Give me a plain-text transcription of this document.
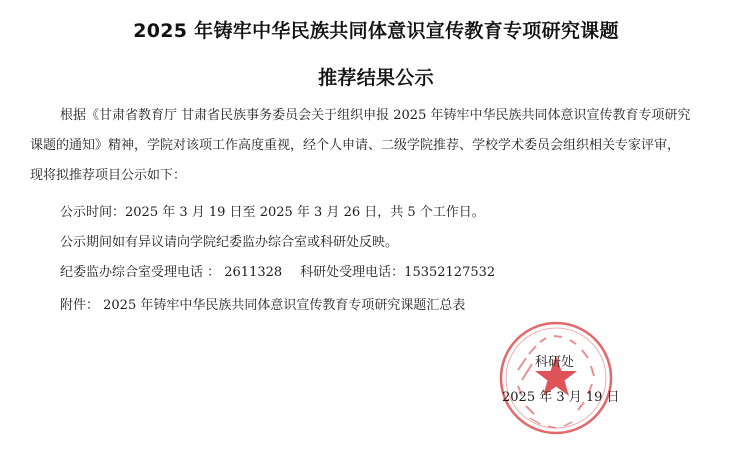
2025 年铸牢中华民族共同体意识宣传教育专项研究课题
推荐结果公示
根据《甘肃省教育厅 甘肃省民族事务委员会关于组织申报 2025 年铸牢中华民族共同体意识宣传教育专项研究
课题的通知》精神，学院对该项工作高度重视，经个人申请、二级学院推荐、学校学术委员会组织相关专家评审，
现将拟推荐项目公示如下：
公示时间：2025 年 3 月 19 日至 2025 年 3 月 26 日，共 5 个工作日。
公示期间如有异议请向学院纪委监办综合室或科研处反映。
纪委监办综合室受理电话 ： 2611328 科研处受理电话：15352127532
附件： 2025 年铸牢中华民族共同体意识宣传教育专项研究课题汇总表
科研处
2025 年 3 月 19 日
